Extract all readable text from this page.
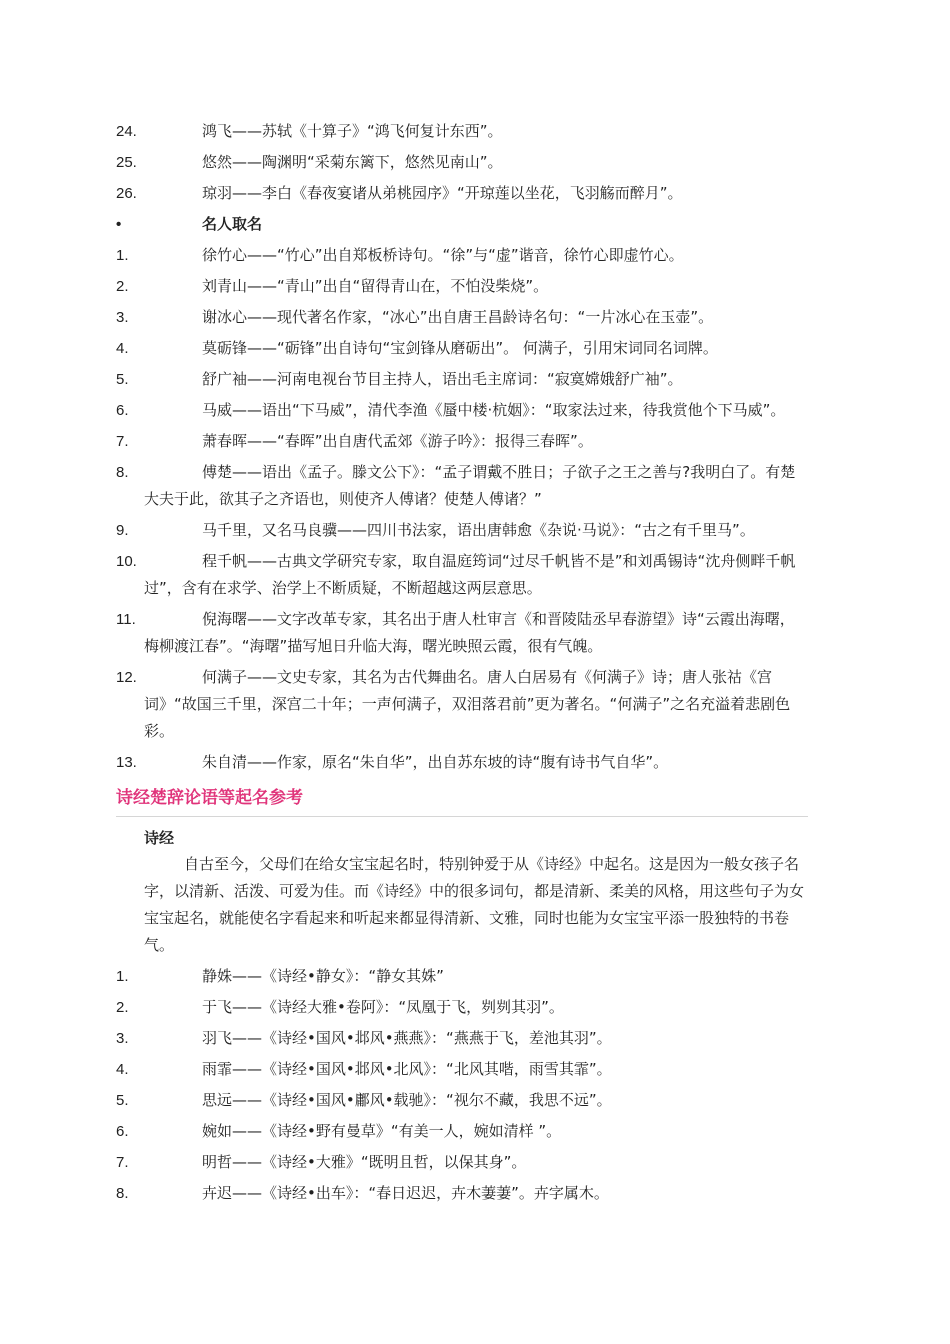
24.	鸿飞——苏轼《十算子》“鸿飞何复计东西”。
25.	悠然——陶渊明“采菊东篱下，悠然见南山”。
26.	琼羽——李白《春夜宴诸从弟桃园序》“开琼莲以坐花，飞羽觞而醉月”。
•	名人取名
1.	徐竹心——“竹心”出自郑板桥诗句。“徐”与“虚”谐音，徐竹心即虚竹心。
2.	刘青山——“青山”出自“留得青山在，不怕没柴烧”。
3.	谢冰心——现代著名作家，“冰心”出自唐王昌龄诗名句：“一片冰心在玉壶”。
4.	莫砺锋——“砺锋”出自诗句“宝剑锋从磨砺出”。 何满子，引用宋词同名词牌。
5.	舒广袖——河南电视台节目主持人，语出毛主席词：“寂寞嫦娥舒广袖”。
6.	马威——语出“下马威”，清代李渔《蜃中楼·杭姻》：“取家法过来，待我赏他个下马威”。
7.	萧春晖——“春晖”出自唐代孟郊《游子吟》：报得三春晖”。
8.	傅楚——语出《孟子。滕文公下》：“孟子谓戴不胜日；子欲子之王之善与?我明白了。有楚大夫于此，欲其子之齐语也，则使齐人傅诸？使楚人傅诸？”
9.	马千里，又名马良骥——四川书法家，语出唐韩愈《杂说·马说》：“古之有千里马”。
10.	程千帆——古典文学研究专家，取自温庭筠词“过尽千帆皆不是”和刘禹锡诗“沈舟侧畔千帆过”，含有在求学、治学上不断质疑，不断超越这两层意思。
11.	倪海曙——文字改革专家，其名出于唐人杜审言《和晋陵陆丞早春游望》诗“云霞出海曙，梅柳渡江春”。“海曙”描写旭日升临大海，曙光映照云霞，很有气魄。
12.	何满子——文史专家，其名为古代舞曲名。唐人白居易有《何满子》诗；唐人张祜《宫词》“故国三千里，深宫二十年；一声何满子，双泪落君前”更为著名。“何满子”之名充溢着悲剧色彩。
13.	朱自清——作家，原名“朱自华”，出自苏东坡的诗“腹有诗书气自华”。
诗经楚辞论语等起名参考
诗经
自古至今，父母们在给女宝宝起名时，特别钟爱于从《诗经》中起名。这是因为一般女孩子名字，以清新、活泼、可爱为佳。而《诗经》中的很多词句，都是清新、柔美的风格，用这些句子为女宝宝起名，就能使名字看起来和听起来都显得清新、文雅，同时也能为女宝宝平添一股独特的书卷气。
1.	静姝——《诗经•静女》：“静女其姝”
2.	于飞——《诗经大雅•卷阿》：“凤凰于飞，刿刿其羽”。
3.	羽飞——《诗经•国风•邶风•燕燕》：“燕燕于飞，差池其羽”。
4.	雨霏——《诗经•国风•邶风•北风》：“北风其喈，雨雪其霏”。
5.	思远——《诗经•国风•鄘风•载驰》：“视尔不藏，我思不远”。
6.	婉如——《诗经•野有曼草》“有美一人，婉如清样 ”。
7.	明哲——《诗经•大雅》“既明且哲，以保其身”。
8.	卉迟——《诗经•出车》：“春日迟迟，卉木萋萋”。卉字属木。
